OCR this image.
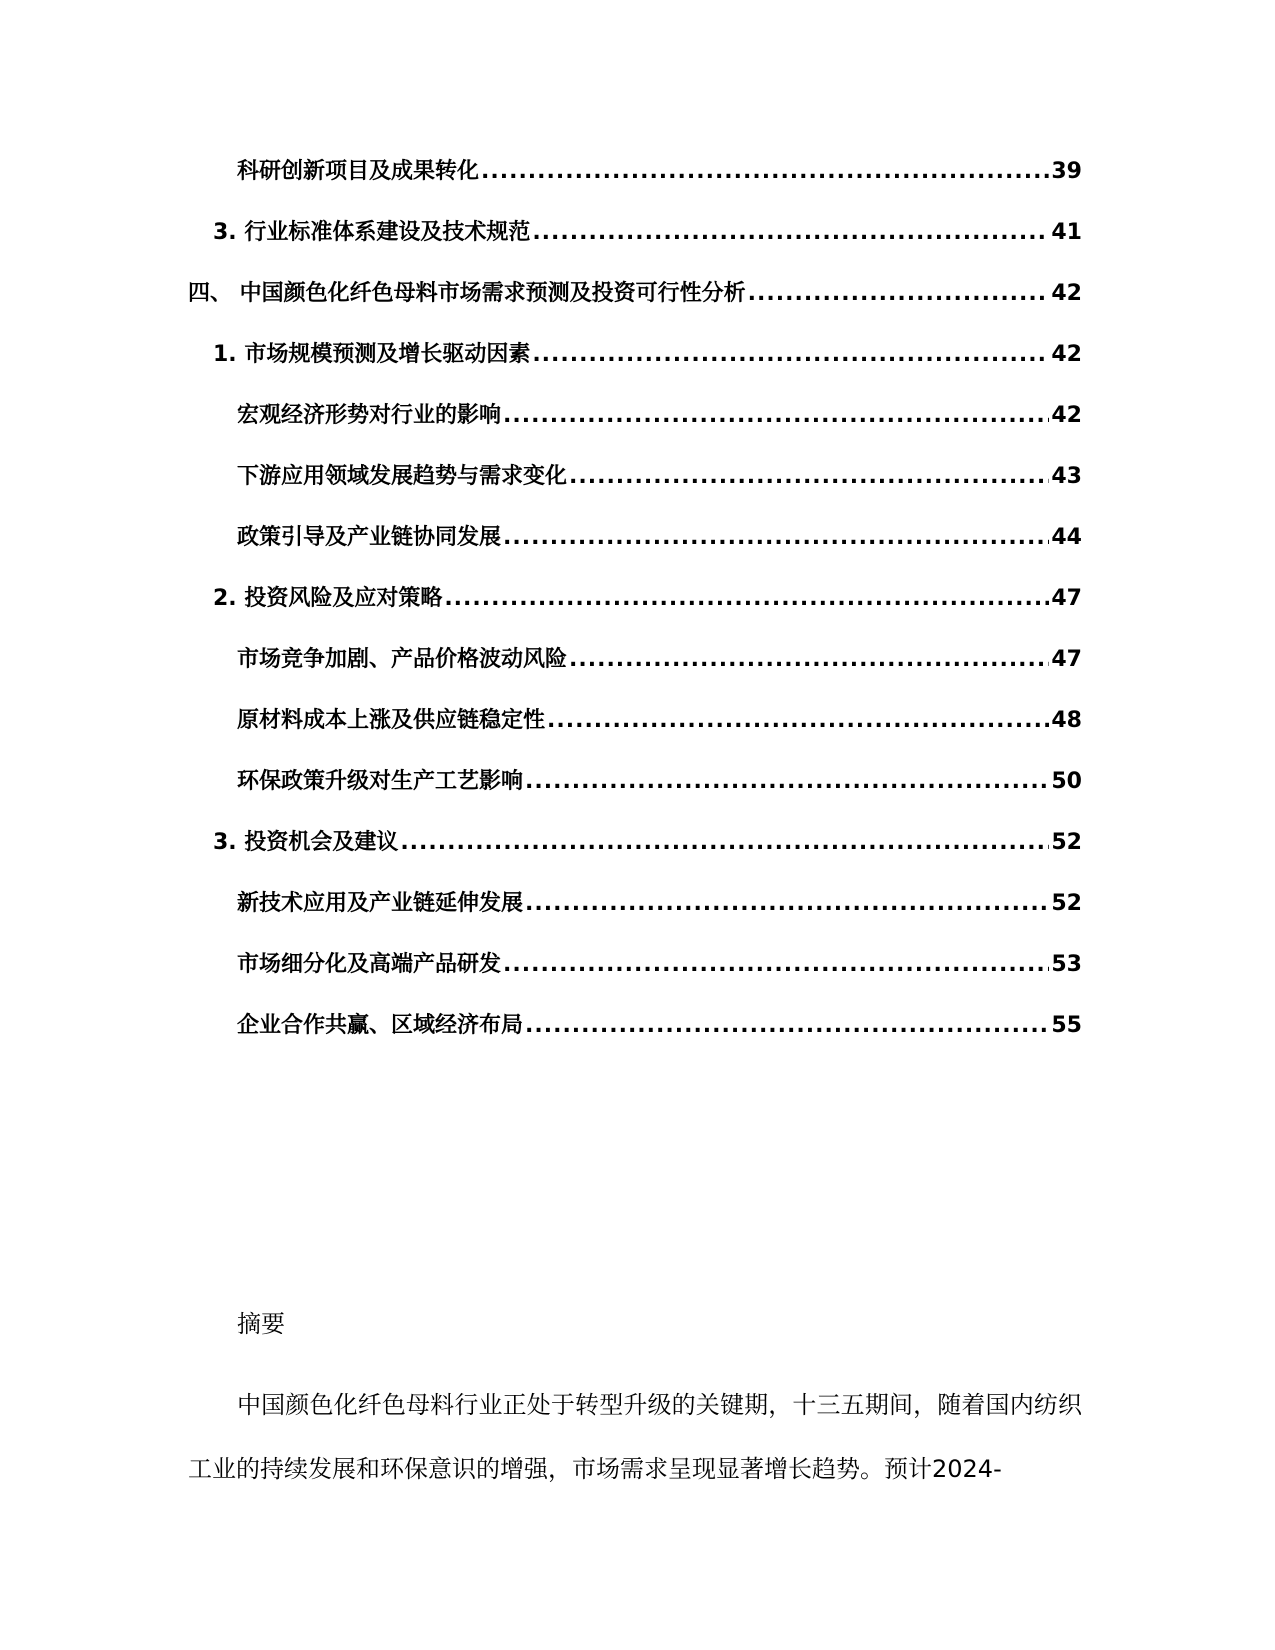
科研创新项目及成果转化 .....	39
3. 行业标准体系建设及技术规范 .....	41
四、 中国颜色化纤色母料市场需求预测及投资可行性分析 .....	42
1. 市场规模预测及增长驱动因素 .....	42
宏观经济形势对行业的影响 .....	42
下游应用领域发展趋势与需求变化 .....	43
政策引导及产业链协同发展 .....	44
2. 投资风险及应对策略 .....	47
市场竞争加剧、产品价格波动风险 .....	47
原材料成本上涨及供应链稳定性 .....	48
环保政策升级对生产工艺影响 .....	50
3. 投资机会及建议 .....	52
新技术应用及产业链延伸发展 .....	52
市场细分化及高端产品研发 .....	53
企业合作共赢、区域经济布局 .....	55
摘要
中国颜色化纤色母料行业正处于转型升级的关键期，十三五期间，随着国内纺织工业的持续发展和环保意识的增强，市场需求呈现显著增长趋势。预计2024-
